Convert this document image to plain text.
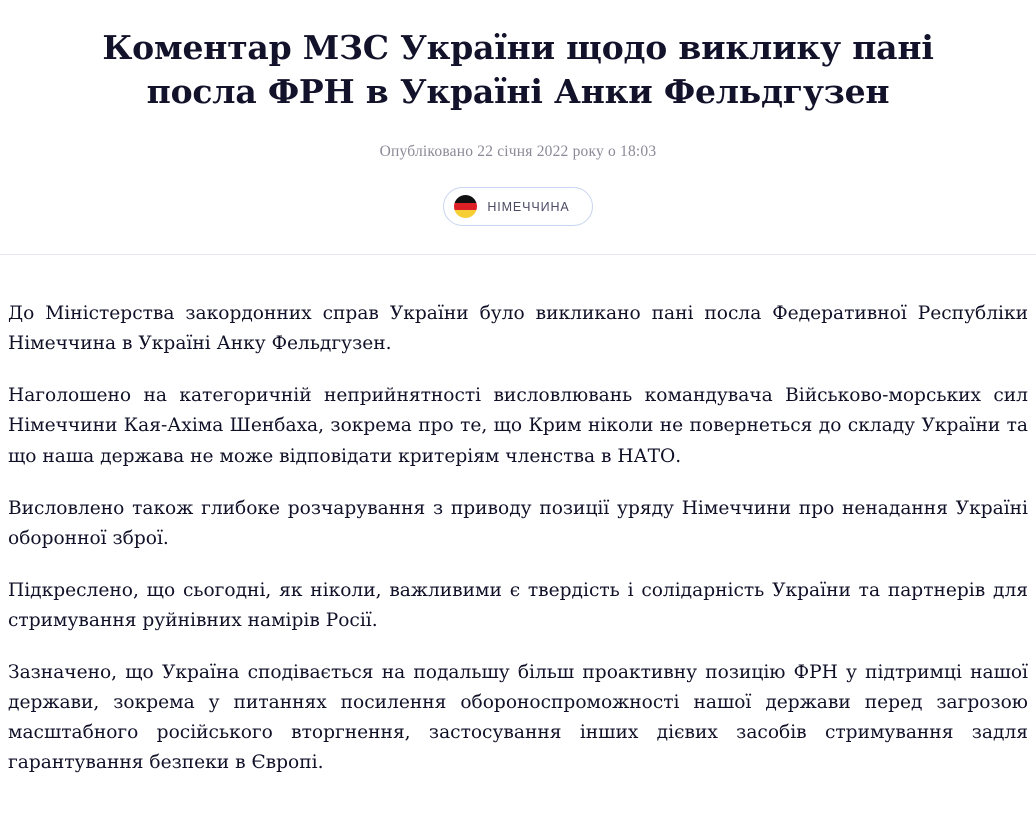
Коментар МЗС України щодо виклику пані посла ФРН в Україні Анки Фельдгузен
Опубліковано 22 січня 2022 року о 18:03
НІМЕЧЧИНА

До Міністерства закордонних справ України було викликано пані посла Федеративної Республіки Німеччина в Україні Анку Фельдгузен.

Наголошено на категоричній неприйнятності висловлювань командувача Військово-морських сил Німеччини Кая-Ахіма Шенбаха, зокрема про те, що Крим ніколи не повернеться до складу України та що наша держава не може відповідати критеріям членства в НАТО.

Висловлено також глибоке розчарування з приводу позиції уряду Німеччини про ненадання Україні оборонної зброї.

Підкреслено, що сьогодні, як ніколи, важливими є твердість і солідарність України та партнерів для стримування руйнівних намірів Росії.

Зазначено, що Україна сподівається на подальшу більш проактивну позицію ФРН у підтримці нашої держави, зокрема у питаннях посилення обороноспроможності нашої держави перед загрозою масштабного російського вторгнення, застосування інших дієвих засобів стримування задля гарантування безпеки в Європі.
